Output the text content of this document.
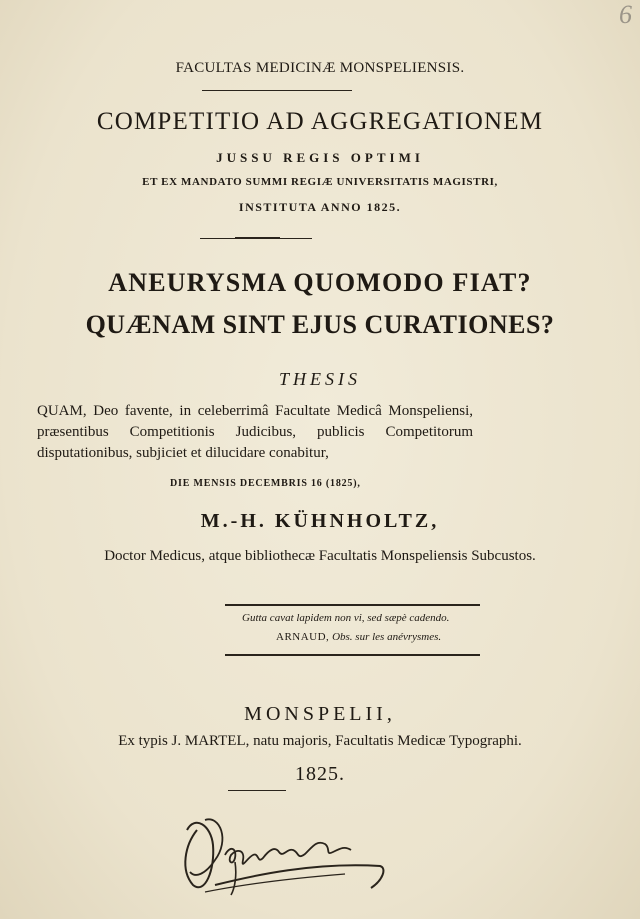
6
FACULTAS MEDICINÆ MONSPELIENSIS.
COMPETITIO AD AGGREGATIONEM
JUSSU REGIS OPTIMI
ET EX MANDATO SUMMI REGIÆ UNIVERSITATIS MAGISTRI,
INSTITUTA ANNO 1825.
ANEURYSMA QUOMODO FIAT?
QUÆNAM SINT EJUS CURATIONES?
THESIS
QUAM, Deo favente, in celeberrimâ Facultate Medicâ Monspeliensi, præsentibus Competitionis Judicibus, publicis Competitorum disputationibus, subjiciet et dilucidare conabitur,
DIE MENSIS DECEMBRIS 16 (1825),
M.-H. KÜHNHOLTZ,
Doctor Medicus, atque bibliothecæ Facultatis Monspeliensis Subcustos.
Gutta cavat lapidem non vi, sed sæpè cadendo.
ARNAUD, Obs. sur les anévrysmes.
MONSPELII,
Ex typis J. MARTEL, natu majoris, Facultatis Medicæ Typographi.
1825.
